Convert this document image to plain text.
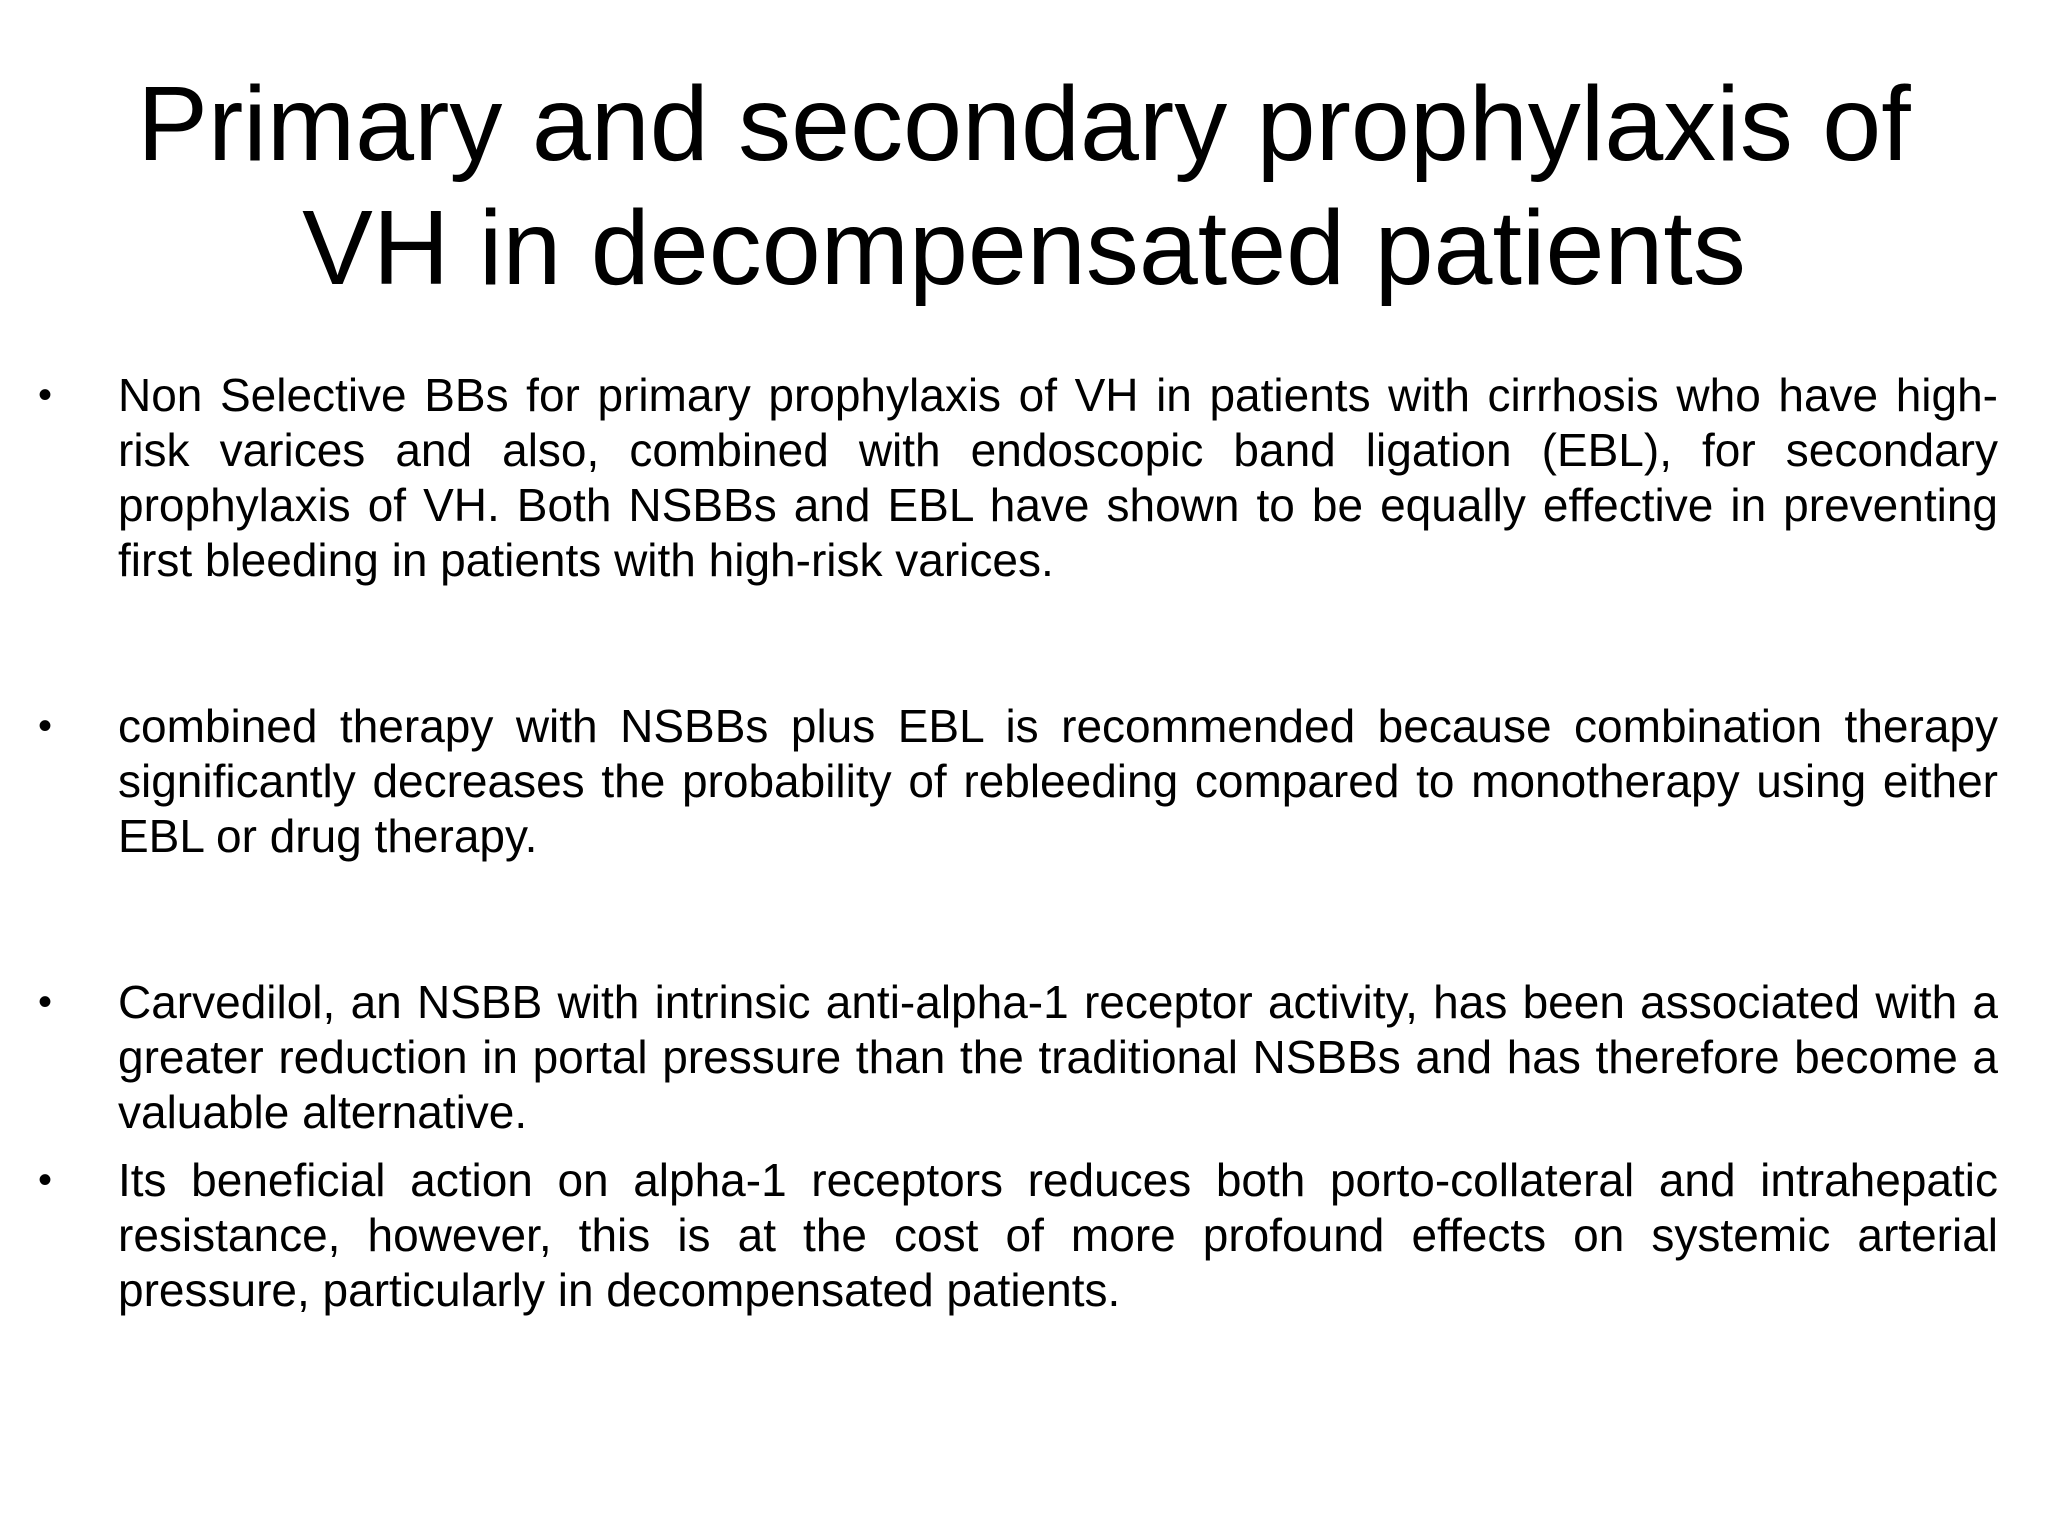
Primary and secondary prophylaxis of
VH in decompensated patients
•	Non Selective BBs for primary prophylaxis of VH in patients with cirrhosis who have high-risk varices and also, combined with endoscopic band ligation (EBL), for secondary prophylaxis of VH. Both NSBBs and EBL have shown to be equally effective in preventing first bleeding in patients with high-risk varices.
•	combined therapy with NSBBs plus EBL is recommended because combination therapy significantly decreases the probability of rebleeding compared to monotherapy using either EBL or drug therapy.
•	Carvedilol, an NSBB with intrinsic anti-alpha-1 receptor activity, has been associated with a greater reduction in portal pressure than the traditional NSBBs and has therefore become a valuable alternative.
•	Its beneficial action on alpha-1 receptors reduces both porto-collateral and intrahepatic resistance, however, this is at the cost of more profound effects on systemic arterial pressure, particularly in decompensated patients.
